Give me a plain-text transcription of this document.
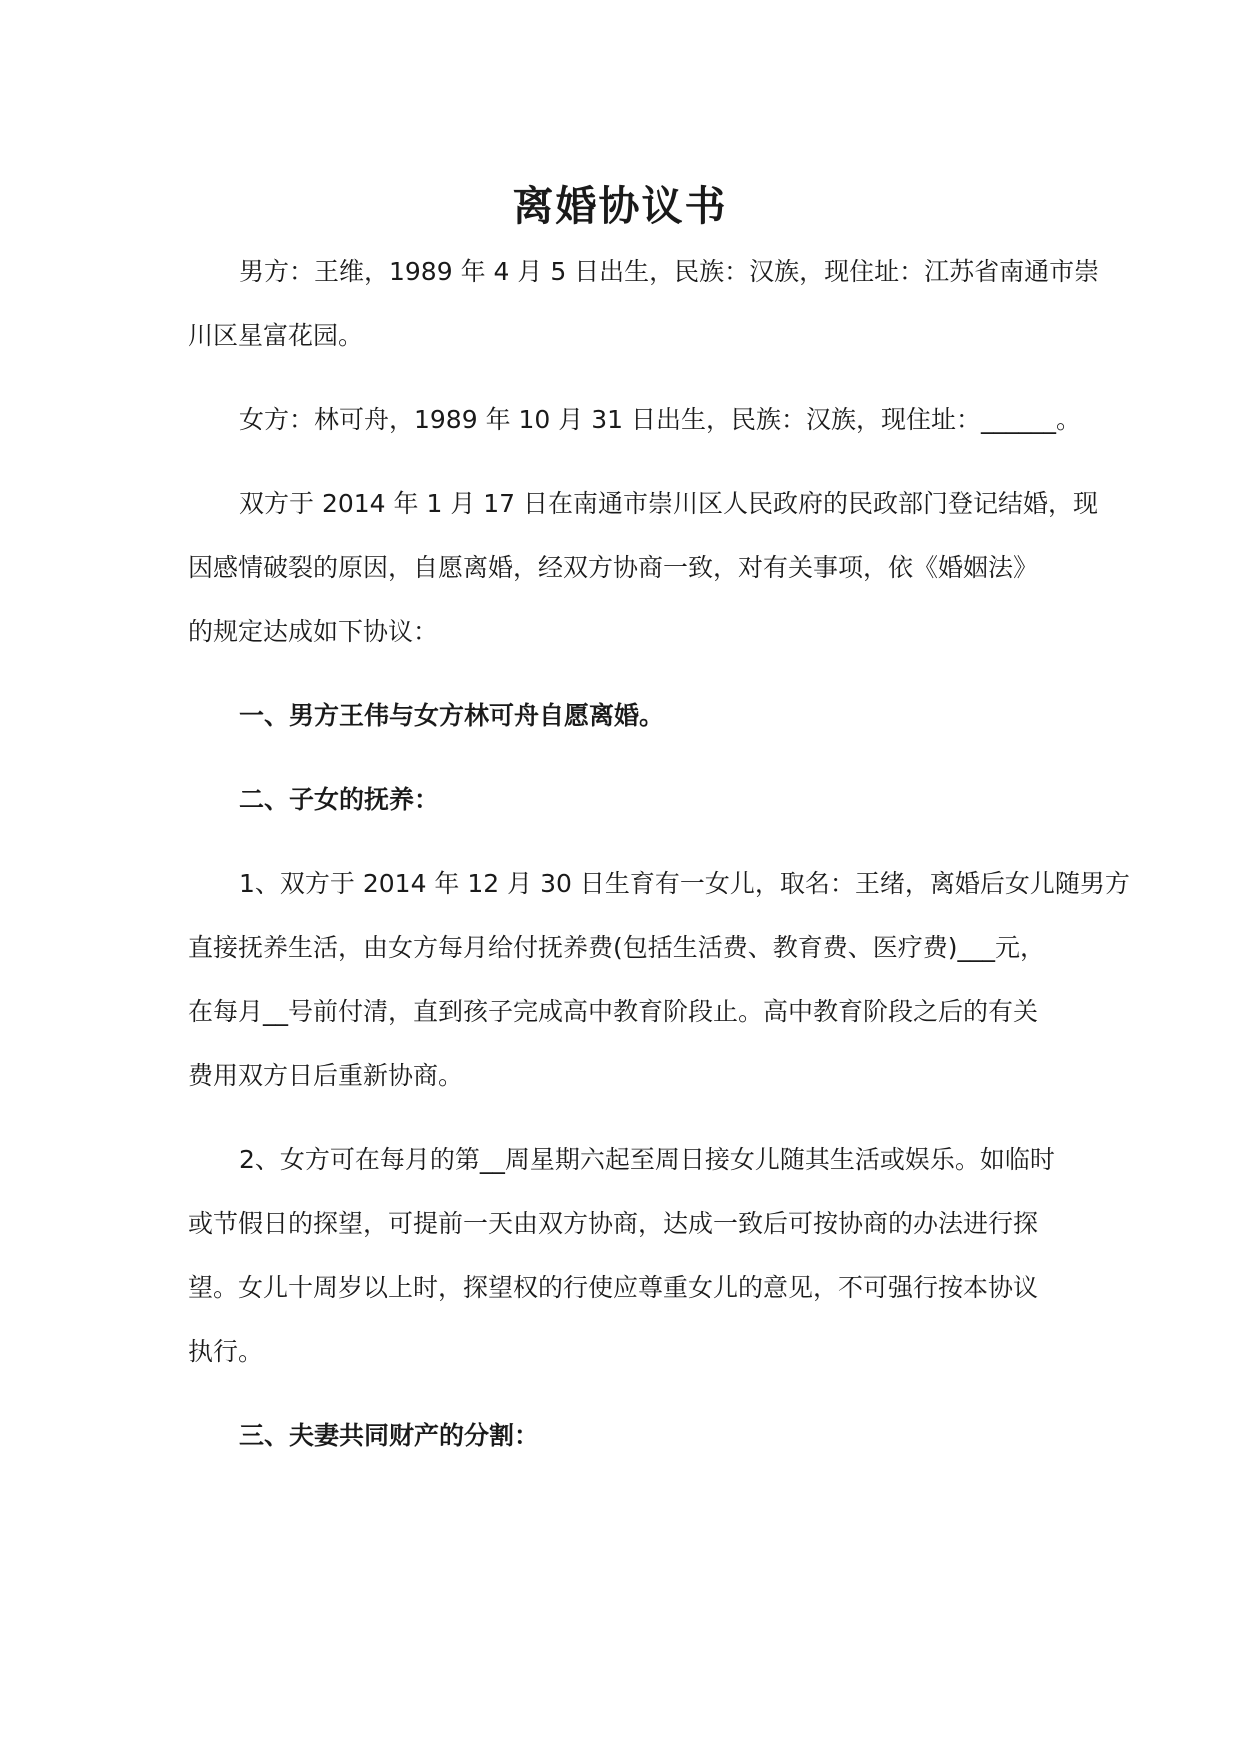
离婚协议书
男方：王维，1989 年 4 月 5 日出生，民族：汉族，现住址：江苏省南通市崇
川区星富花园。
女方：林可舟，1989 年 10 月 31 日出生，民族：汉族，现住址：______。
双方于 2014 年 1 月 17 日在南通市崇川区人民政府的民政部门登记结婚，现
因感情破裂的原因，自愿离婚，经双方协商一致，对有关事项，依《婚姻法》
的规定达成如下协议：
一、男方王伟与女方林可舟自愿离婚。
二、子女的抚养：
1、双方于 2014 年 12 月 30 日生育有一女儿，取名：王绪，离婚后女儿随男方
直接抚养生活，由女方每月给付抚养费(包括生活费、教育费、医疗费)___元，
在每月__号前付清，直到孩子完成高中教育阶段止。高中教育阶段之后的有关
费用双方日后重新协商。
2、女方可在每月的第__周星期六起至周日接女儿随其生活或娱乐。如临时
或节假日的探望，可提前一天由双方协商，达成一致后可按协商的办法进行探
望。女儿十周岁以上时，探望权的行使应尊重女儿的意见，不可强行按本协议
执行。
三、夫妻共同财产的分割：
